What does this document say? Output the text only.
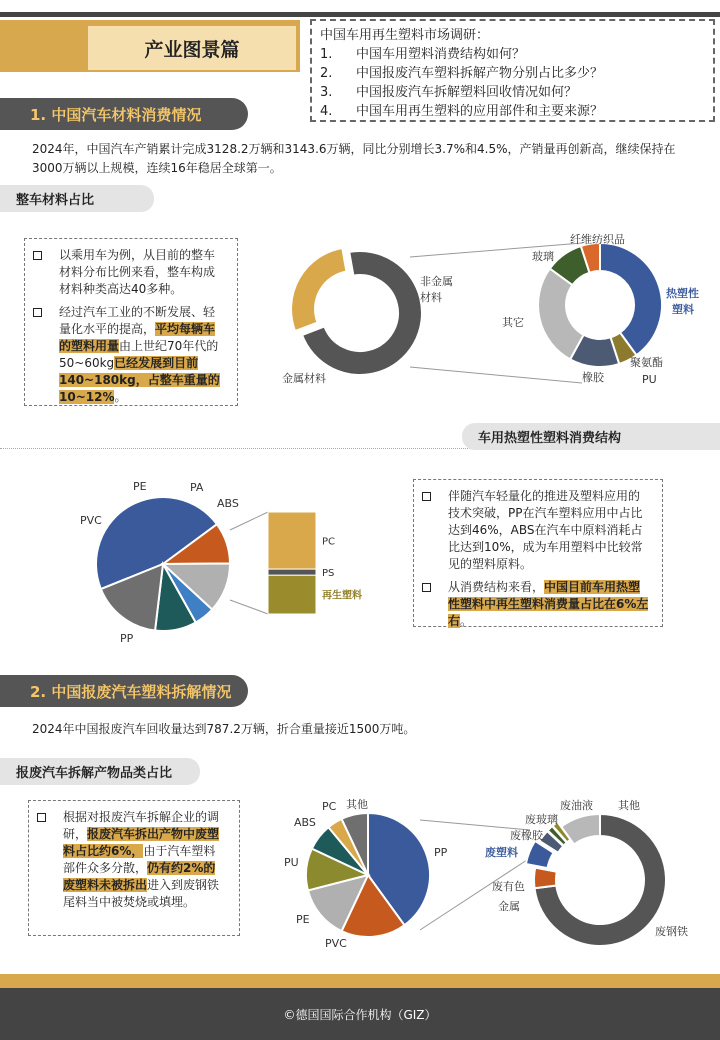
产业图景篇
中国车用再生塑料市场调研：
1.	中国车用塑料消费结构如何？
2.	中国报废汽车塑料拆解产物分别占比多少？
3.	中国报废汽车拆解塑料回收情况如何？
4.	中国车用再生塑料的应用部件和主要来源？
1. 中国汽车材料消费情况
2024年，中国汽车产销累计完成3128.2万辆和3143.6万辆，同比分别增长3.7%和4.5%，产销量再创新高，继续保持在3000万辆以上规模，连续16年稳居全球第一。
整车材料占比
以乘用车为例，从目前的整车材料分布比例来看，整车构成材料种类高达40多种。
经过汽车工业的不断发展、轻量化水平的提高，平均每辆车的塑料用量由上世纪70年代的50~60kg已经发展到目前140~180kg，占整车重量的10~12%。
金属材料
非金属
材料	热塑性
塑料
聚氨酯
PU
橡胶
其它
玻璃
纤维纺织品
车用热塑性塑料消费结构
PP
PVC
PE	PA
ABS
PC
PS
再生塑料
伴随汽车轻量化的推进及塑料应用的技术突破，PP在汽车塑料应用中占比达到46%，ABS在汽车中原料消耗占比达到10%，成为车用塑料中比较常见的塑料原料。
从消费结构来看，中国目前车用热塑性塑料中再生塑料消费量占比在6%左右。
2. 中国报废汽车塑料拆解情况
2024年中国报废汽车回收量达到787.2万辆，折合重量接近1500万吨。
报废汽车拆解产物品类占比
根据对报废汽车拆解企业的调研，报废汽车拆出产物中废塑料占比约6%，由于汽车塑料部件众多分散，仍有约2%的废塑料未被拆出进入到废钢铁尾料当中被焚烧或填埋。
PP
PVC
PE
PU
ABS
PC 其他
废钢铁
废有色
金属
废塑料
废橡胶
废玻璃
废油液 其他
©德国国际合作机构（GIZ）
